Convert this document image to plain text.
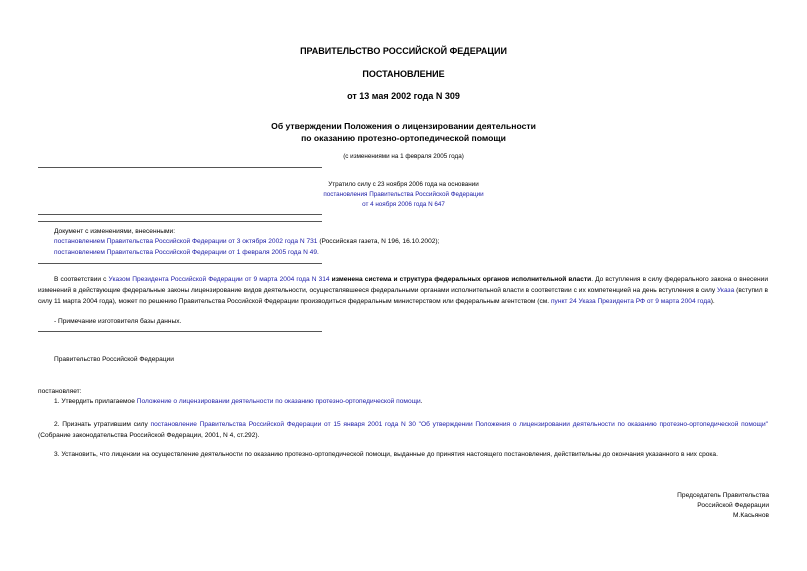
ПРАВИТЕЛЬСТВО РОССИЙСКОЙ ФЕДЕРАЦИИ
ПОСТАНОВЛЕНИЕ
от 13 мая 2002 года N 309
Об утверждении Положения о лицензировании деятельности
по оказанию протезно-ортопедической помощи
(с изменениями на 1 февраля 2005 года)
Утратило силу с 23 ноября 2006 года на основании
постановления Правительства Российской Федерации
от 4 ноября 2006 года N 647
Документ с изменениями, внесенными:
постановлением Правительства Российской Федерации от 3 октября 2002 года N 731 (Российская газета, N 196, 16.10.2002);
постановлением Правительства Российской Федерации от 1 февраля 2005 года N 49.
В соответствии с Указом Президента Российской Федерации от 9 марта 2004 года N 314 изменена система и структура федеральных органов исполнительной власти. До вступления в силу федерального закона о внесении изменений в действующие федеральные законы лицензирование видов деятельности, осуществлявшееся федеральными органами исполнительной власти в соответствии с их компетенцией на день вступления в силу Указа (вступил в силу 11 марта 2004 года), может по решению Правительства Российской Федерации производиться федеральным министерством или федеральным агентством (см. пункт 24 Указа Президента РФ от 9 марта 2004 года).
- Примечание изготовителя базы данных.
Правительство Российской Федерации
постановляет:
1. Утвердить прилагаемое Положение о лицензировании деятельности по оказанию протезно-ортопедической помощи.
2. Признать утратившим силу постановление Правительства Российской Федерации от 15 января 2001 года N 30 "Об утверждении Положения о лицензировании деятельности по оказанию протезно-ортопедической помощи" (Собрание законодательства Российской Федерации, 2001, N 4, ст.292).
3. Установить, что лицензии на осуществление деятельности по оказанию протезно-ортопедической помощи, выданные до принятия настоящего постановления, действительны до окончания указанного в них срока.
Председатель Правительства
Российской Федерации
М.Касьянов
